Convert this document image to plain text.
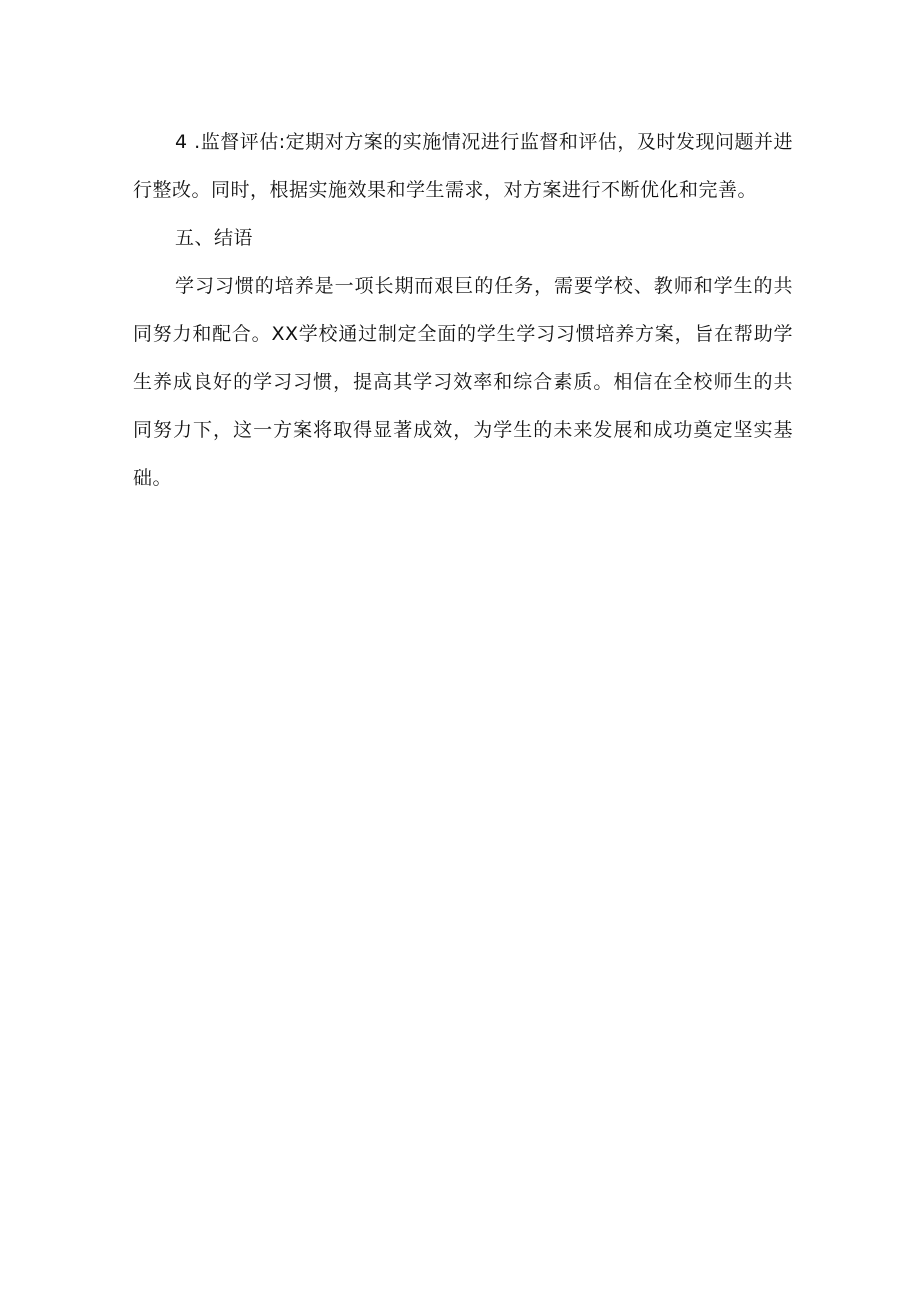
4 .监督评估:定期对方案的实施情况进行监督和评估，及时发现问题并进行整改。同时，根据实施效果和学生需求，对方案进行不断优化和完善。

五、结语

学习习惯的培养是一项长期而艰巨的任务，需要学校、教师和学生的共同努力和配合。XX学校通过制定全面的学生学习习惯培养方案，旨在帮助学生养成良好的学习习惯，提高其学习效率和综合素质。相信在全校师生的共同努力下，这一方案将取得显著成效，为学生的未来发展和成功奠定坚实基础。
